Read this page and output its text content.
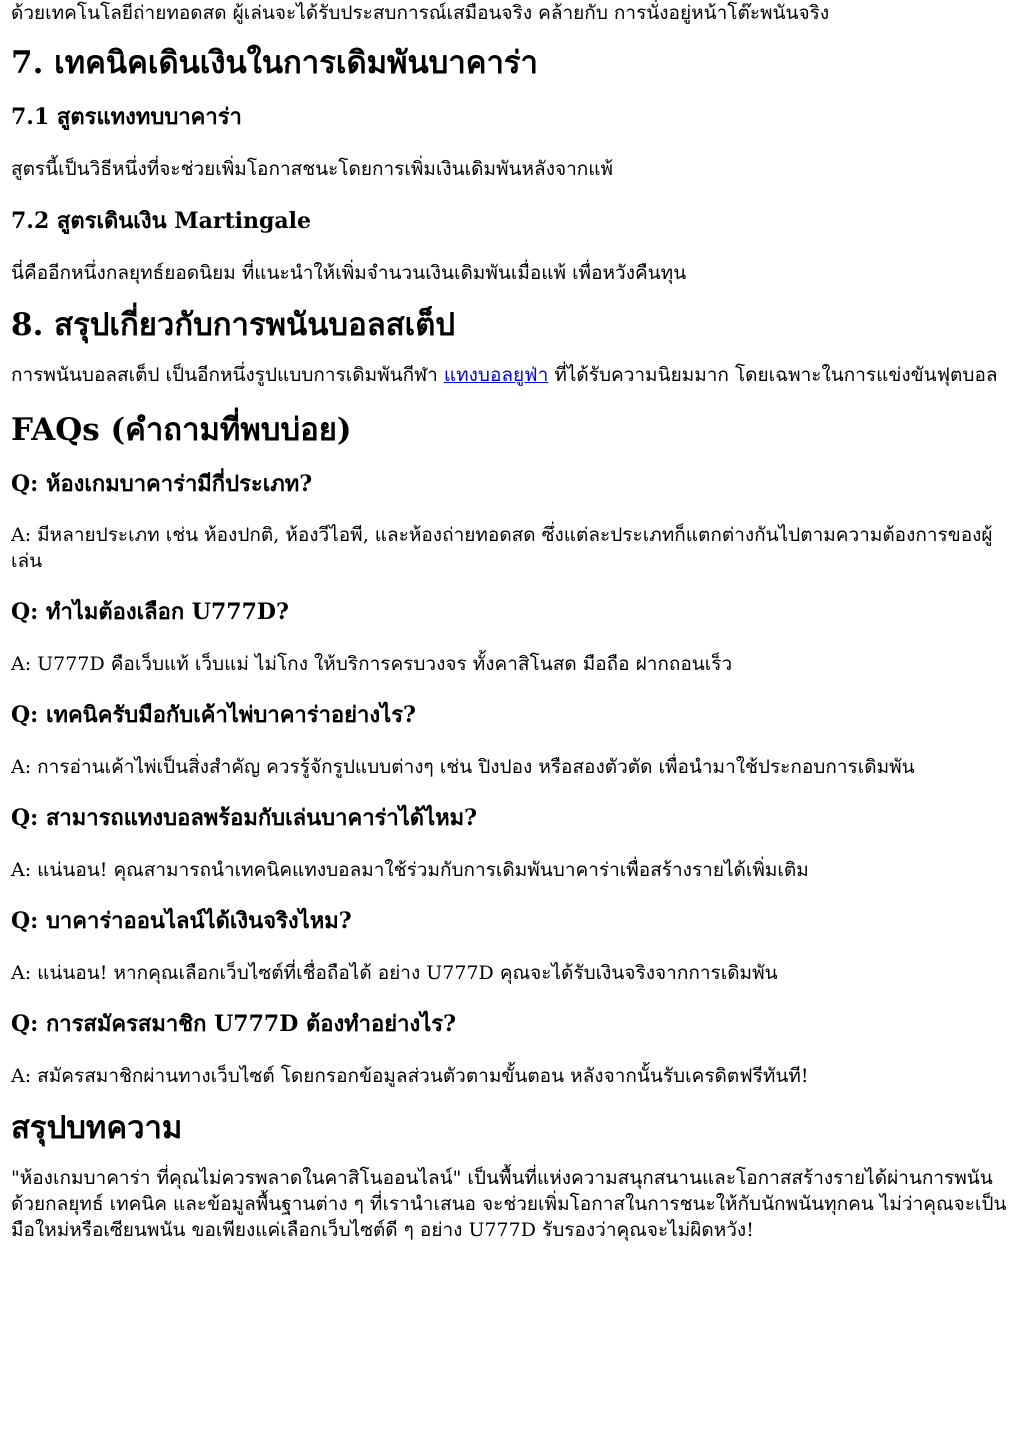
ด้วยเทคโนโลยีถ่ายทอดสด ผู้เล่นจะได้รับประสบการณ์เสมือนจริง คล้ายกับ การนั่งอยู่หน้าโต๊ะพนันจริง

7. เทคนิคเดินเงินในการเดิมพันบาคาร่า
7.1 สูตรแทงทบบาคาร่า

สูตรนี้เป็นวิธีหนึ่งที่จะช่วยเพิ่มโอกาสชนะโดยการเพิ่มเงินเดิมพันหลังจากแพ้

7.2 สูตรเดินเงิน Martingale

นี่คืออีกหนึ่งกลยุทธ์ยอดนิยม ที่แนะนำให้เพิ่มจำนวนเงินเดิมพันเมื่อแพ้ เพื่อหวังคืนทุน

8. สรุปเกี่ยวกับการพนันบอลสเต็ป

การพนันบอลสเต็ป เป็นอีกหนึ่งรูปแบบการเดิมพันกีฬา แทงบอลยูฟ่า ที่ได้รับความนิยมมาก โดยเฉพาะในการแข่งขันฟุตบอล

FAQs (คำถามที่พบบ่อย)
Q: ห้องเกมบาคาร่ามีกี่ประเภท?

A: มีหลายประเภท เช่น ห้องปกติ, ห้องวีไอพี, และห้องถ่ายทอดสด ซึ่งแต่ละประเภทก็แตกต่างกันไปตามความต้องการของผู้เล่น

Q: ทำไมต้องเลือก U777D?

A: U777D คือเว็บแท้ เว็บแม่ ไม่โกง ให้บริการครบวงจร ทั้งคาสิโนสด มือถือ ฝากถอนเร็ว

Q: เทคนิครับมือกับเค้าไพ่บาคาร่าอย่างไร?

A: การอ่านเค้าไพ่เป็นสิ่งสำคัญ ควรรู้จักรูปแบบต่างๆ เช่น ปิงปอง หรือสองตัวตัด เพื่อนำมาใช้ประกอบการเดิมพัน

Q: สามารถแทงบอลพร้อมกับเล่นบาคาร่าได้ไหม?

A: แน่นอน! คุณสามารถนำเทคนิคแทงบอลมาใช้ร่วมกับการเดิมพันบาคาร่าเพื่อสร้างรายได้เพิ่มเติม

Q: บาคาร่าออนไลน์ได้เงินจริงไหม?

A: แน่นอน! หากคุณเลือกเว็บไซต์ที่เชื่อถือได้ อย่าง U777D คุณจะได้รับเงินจริงจากการเดิมพัน

Q: การสมัครสมาชิก U777D ต้องทำอย่างไร?

A: สมัครสมาชิกผ่านทางเว็บไซต์ โดยกรอกข้อมูลส่วนตัวตามขั้นตอน หลังจากนั้นรับเครดิตฟรีทันที!

สรุปบทความ

"ห้องเกมบาคาร่า ที่คุณไม่ควรพลาดในคาสิโนออนไลน์" เป็นพื้นที่แห่งความสนุกสนานและโอกาสสร้างรายได้ผ่านการพนันด้วยกลยุทธ์ เทคนิค และข้อมูลพื้นฐานต่าง ๆ ที่เรานำเสนอ จะช่วยเพิ่มโอกาสในการชนะให้กับนักพนันทุกคน ไม่ว่าคุณจะเป็นมือใหม่หรือเซียนพนัน ขอเพียงแค่เลือกเว็บไซต์ดี ๆ อย่าง U777D รับรองว่าคุณจะไม่ผิดหวัง!
